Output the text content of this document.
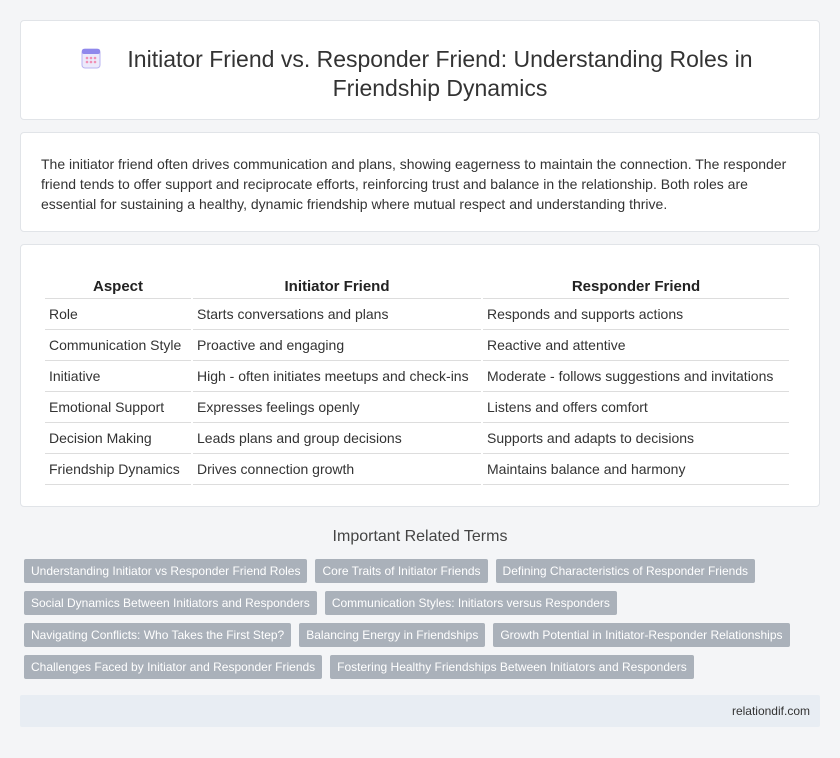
Initiator Friend vs. Responder Friend: Understanding Roles in Friendship Dynamics

The initiator friend often drives communication and plans, showing eagerness to maintain the connection. The responder friend tends to offer support and reciprocate efforts, reinforcing trust and balance in the relationship. Both roles are essential for sustaining a healthy, dynamic friendship where mutual respect and understanding thrive.

Aspect	Initiator Friend	Responder Friend
Role	Starts conversations and plans	Responds and supports actions
Communication Style	Proactive and engaging	Reactive and attentive
Initiative	High - often initiates meetups and check-ins	Moderate - follows suggestions and invitations
Emotional Support	Expresses feelings openly	Listens and offers comfort
Decision Making	Leads plans and group decisions	Supports and adapts to decisions
Friendship Dynamics	Drives connection growth	Maintains balance and harmony
Important Related Terms
Understanding Initiator vs Responder Friend Roles	Core Traits of Initiator Friends	Defining Characteristics of Responder Friends
Social Dynamics Between Initiators and Responders	Communication Styles: Initiators versus Responders
Navigating Conflicts: Who Takes the First Step?	Balancing Energy in Friendships	Growth Potential in Initiator-Responder Relationships
Challenges Faced by Initiator and Responder Friends	Fostering Healthy Friendships Between Initiators and Responders
relationdif.com
